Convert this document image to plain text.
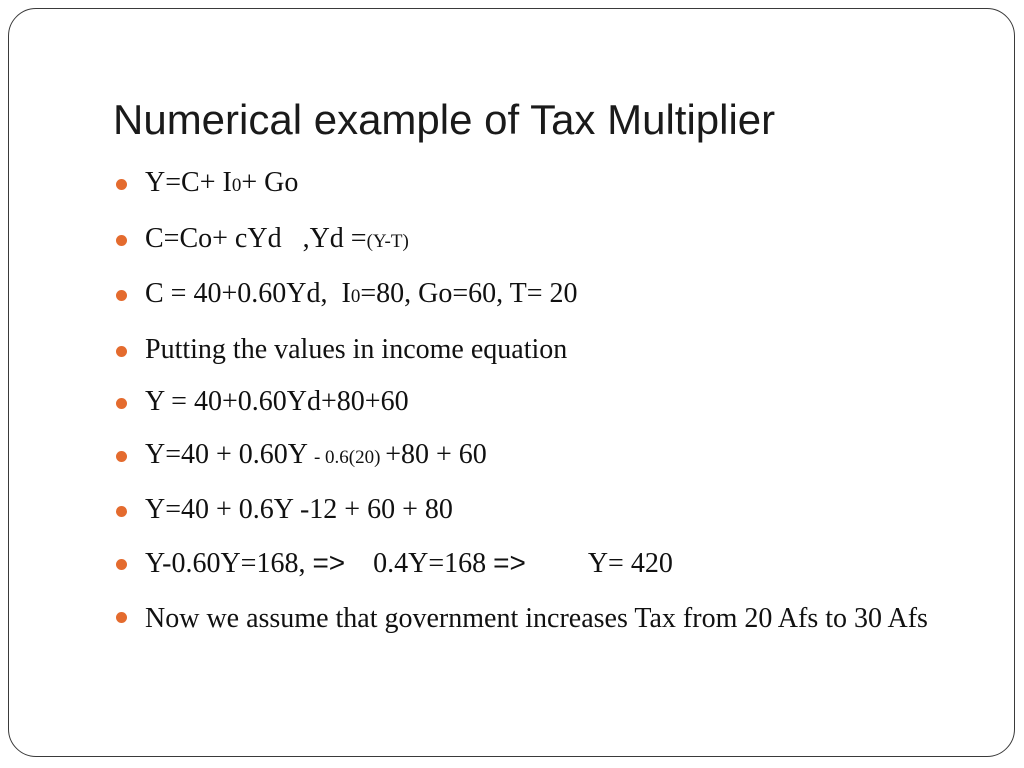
Numerical example of Tax Multiplier
Y=C+ I0+ Go
C=Co+ cYd   ,Yd =(Y-T)
C = 40+0.60Yd,  I0=80, Go=60, T= 20
Putting the values in income equation
Y = 40+0.60Yd+80+60
Y=40 + 0.60Y - 0.6(20) +80 + 60
Y=40 + 0.6Y -12 + 60 + 80
Y-0.60Y=168, =>    0.4Y=168 =>         Y= 420
Now we assume that government increases Tax from 20 Afs to 30 Afs
